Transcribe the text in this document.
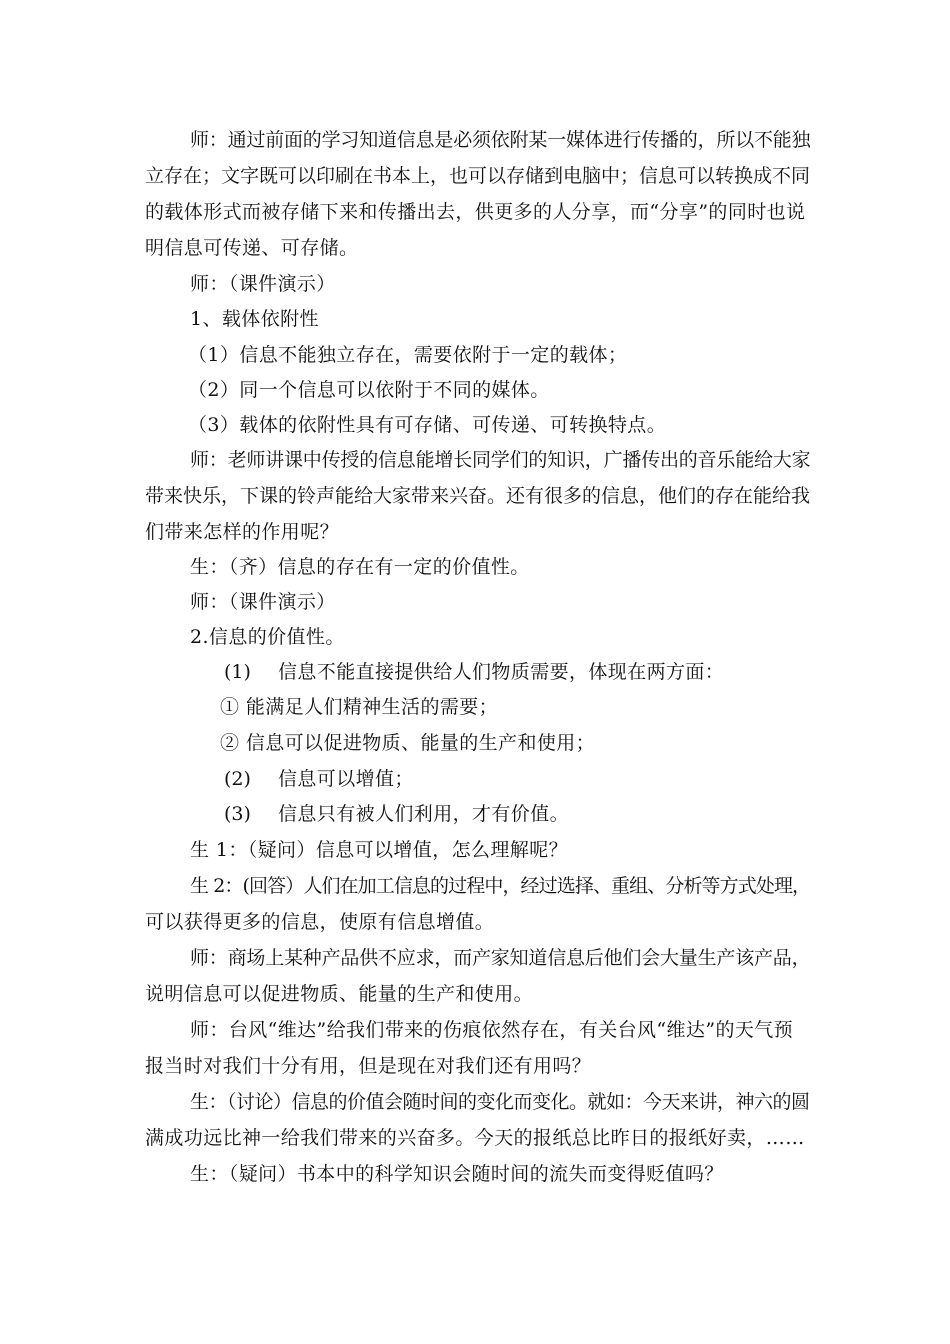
师：通过前面的学习知道信息是必须依附某一媒体进行传播的，所以不能独
立存在；文字既可以印刷在书本上，也可以存储到电脑中；信息可以转换成不同
的载体形式而被存储下来和传播出去，供更多的人分享，而“分享”的同时也说
明信息可传递、可存储。
师：（课件演示）
1、载体依附性
（1）信息不能独立存在，需要依附于一定的载体；
（2）同一个信息可以依附于不同的媒体。
（3）载体的依附性具有可存储、可传递、可转换特点。
师：老师讲课中传授的信息能增长同学们的知识，广播传出的音乐能给大家
带来快乐，下课的铃声能给大家带来兴奋。还有很多的信息，他们的存在能给我
们带来怎样的作用呢？
生：（齐）信息的存在有一定的价值性。
师：（课件演示）
2.信息的价值性。
(1) 信息不能直接提供给人们物质需要，体现在两方面：
① 能满足人们精神生活的需要；
② 信息可以促进物质、能量的生产和使用；
(2) 信息可以增值；
(3) 信息只有被人们利用，才有价值。
生 1：（疑问）信息可以增值，怎么理解呢？
生 2：(回答）人们在加工信息的过程中，经过选择、重组、分析等方式处理，
可以获得更多的信息，使原有信息增值。
师：商场上某种产品供不应求，而产家知道信息后他们会大量生产该产品，
说明信息可以促进物质、能量的生产和使用。
师：台风“维达”给我们带来的伤痕依然存在，有关台风“维达”的天气预
报当时对我们十分有用，但是现在对我们还有用吗？
生：（讨论）信息的价值会随时间的变化而变化。就如：今天来讲，神六的圆
满成功远比神一给我们带来的兴奋多。今天的报纸总比昨日的报纸好卖，……
生：（疑问）书本中的科学知识会随时间的流失而变得贬值吗？
